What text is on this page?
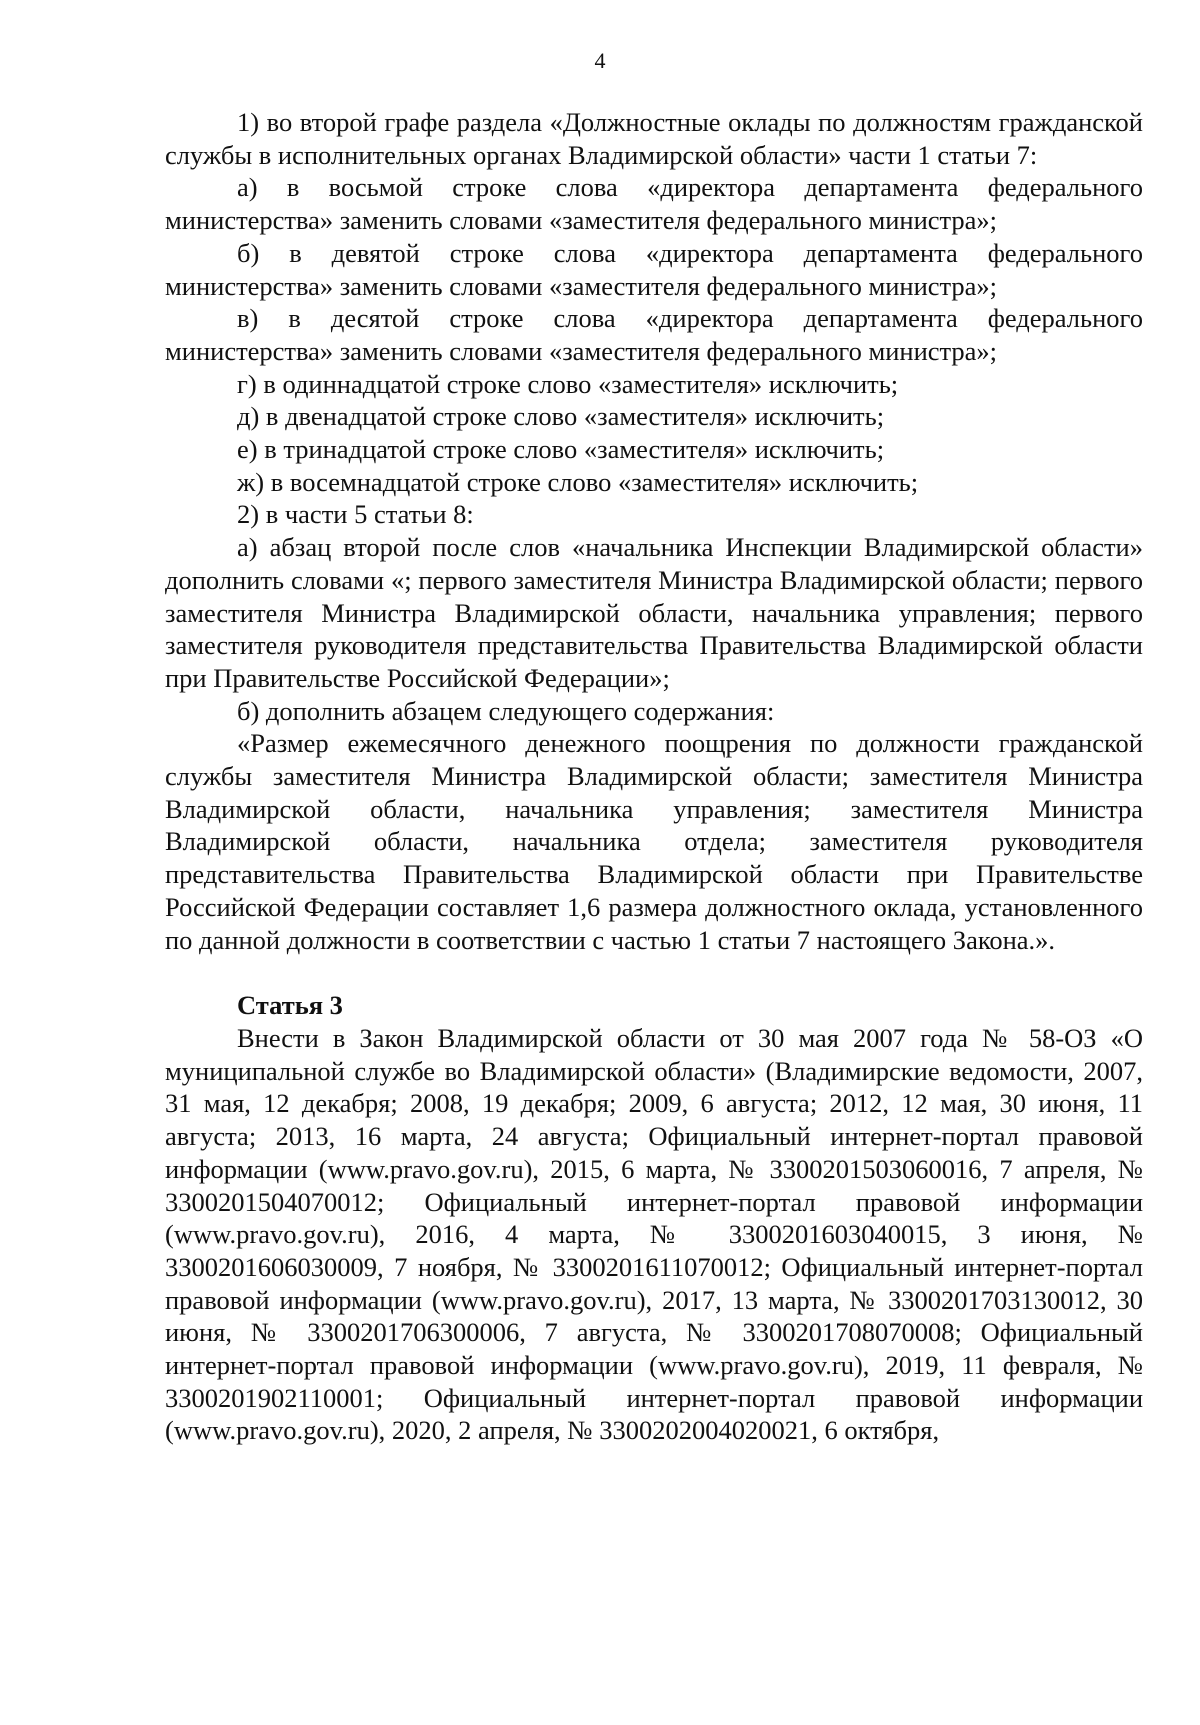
4

1) во второй графе раздела «Должностные оклады по должностям гражданской службы в исполнительных органах Владимирской области» части 1 статьи 7:

а) в восьмой строке слова «директора департамента федерального министерства» заменить словами «заместителя федерального министра»;

б) в девятой строке слова «директора департамента федерального министерства» заменить словами «заместителя федерального министра»;

в) в десятой строке слова «директора департамента федерального министерства» заменить словами «заместителя федерального министра»;

г) в одиннадцатой строке слово «заместителя» исключить;

д) в двенадцатой строке слово «заместителя» исключить;

е) в тринадцатой строке слово «заместителя» исключить;

ж) в восемнадцатой строке слово «заместителя» исключить;

2) в части 5 статьи 8:

а) абзац второй после слов «начальника Инспекции Владимирской области» дополнить словами «; первого заместителя Министра Владимирской области; первого заместителя Министра Владимирской области, начальника управления; первого заместителя руководителя представительства Правительства Владимирской области при Правительстве Российской Федерации»;

б) дополнить абзацем следующего содержания:

«Размер ежемесячного денежного поощрения по должности гражданской службы заместителя Министра Владимирской области; заместителя Министра Владимирской области, начальника управления; заместителя Министра Владимирской области, начальника отдела; заместителя руководителя представительства Правительства Владимирской области при Правительстве Российской Федерации составляет 1,6 размера должностного оклада, установленного по данной должности в соответствии с частью 1 статьи 7 настоящего Закона.».

Статья 3

Внести в Закон Владимирской области от 30 мая 2007 года № 58-ОЗ «О муниципальной службе во Владимирской области» (Владимирские ведомости, 2007, 31 мая, 12 декабря; 2008, 19 декабря; 2009, 6 августа; 2012, 12 мая, 30 июня, 11 августа; 2013, 16 марта, 24 августа; Официальный интернет-портал правовой информации (www.pravo.gov.ru), 2015, 6 марта, № 3300201503060016, 7 апреля, № 3300201504070012; Официальный интернет-портал правовой информации (www.pravo.gov.ru), 2016, 4 марта, № 3300201603040015, 3 июня, № 3300201606030009, 7 ноября, № 3300201611070012; Официальный интернет-портал правовой информации (www.pravo.gov.ru), 2017, 13 марта, № 3300201703130012, 30 июня, № 3300201706300006, 7 августа, № 3300201708070008; Официальный интернет-портал правовой информации (www.pravo.gov.ru), 2019, 11 февраля, № 3300201902110001; Официальный интернет-портал правовой информации (www.pravo.gov.ru), 2020, 2 апреля, № 3300202004020021, 6 октября,
